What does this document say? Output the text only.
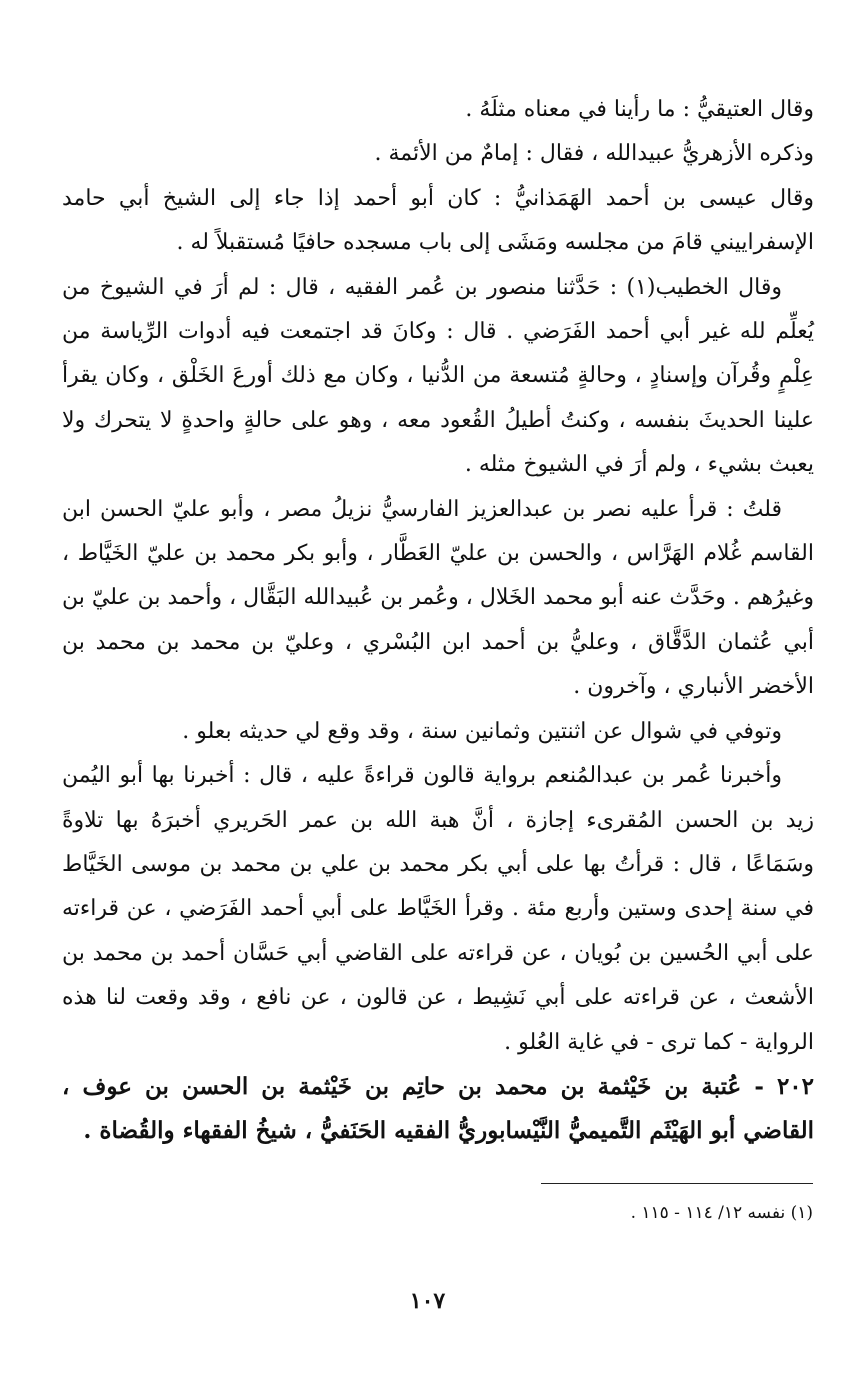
وقال العتيقيُّ : ما رأينا في معناه مثلَهُ .

وذكره الأزهريُّ عبيدالله ، فقال : إمامٌ من الأئمة .

وقال عيسى بن أحمد الهَمَذانيُّ : كان أبو أحمد إذا جاء إلى الشيخ أبي حامد الإسفراييني قامَ من مجلسه ومَشَى إلى باب مسجده حافيًا مُستقبلاً له .

وقال الخطيب(١) : حَدَّثنا منصور بن عُمر الفقيه ، قال : لم أرَ في الشيوخ من يُعلِّم لله غير أبي أحمد الفَرَضي . قال : وكانَ قد اجتمعت فيه أدوات الرِّياسة من عِلْمٍ وقُرآن وإسنادٍ ، وحالةٍ مُتسعة من الدُّنيا ، وكان مع ذلك أورعَ الخَلْق ، وكان يقرأ علينا الحديثَ بنفسه ، وكنتُ أطيلُ القُعود معه ، وهو على حالةٍ واحدةٍ لا يتحرك ولا يعبث بشيء ، ولم أرَ في الشيوخ مثله .

قلتُ : قرأ عليه نصر بن عبدالعزيز الفارسيُّ نزيلُ مصر ، وأبو عليّ الحسن ابن القاسم غُلام الهَرَّاس ، والحسن بن عليّ العَطَّار ، وأبو بكر محمد بن عليّ الخَيَّاط ، وغيرُهم . وحَدَّث عنه أبو محمد الخَلال ، وعُمر بن عُبيدالله البَقَّال ، وأحمد بن عليّ بن أبي عُثمان الدَّقَّاق ، وعليُّ بن أحمد ابن البُسْري ، وعليّ بن محمد بن محمد بن الأخضر الأنباري ، وآخرون .

وتوفي في شوال عن اثنتين وثمانين سنة ، وقد وقع لي حديثه بعلو .

وأخبرنا عُمر بن عبدالمُنعم برواية قالون قراءةً عليه ، قال : أخبرنا بها أبو اليُمن زيد بن الحسن المُقرىء إجازة ، أنَّ هبة الله بن عمر الحَريري أخبرَهُ بها تلاوةً وسَمَاعًا ، قال : قرأتُ بها على أبي بكر محمد بن علي بن محمد بن موسى الخَيَّاط في سنة إحدى وستين وأربع مئة . وقرأ الخَيَّاط على أبي أحمد الفَرَضي ، عن قراءته على أبي الحُسين بن بُويان ، عن قراءته على القاضي أبي حَسَّان أحمد بن محمد بن الأشعث ، عن قراءته على أبي نَشِيط ، عن قالون ، عن نافع ، وقد وقعت لنا هذه الرواية - كما ترى - في غاية العُلو .

٢٠٢ - عُتبة بن خَيْثمة بن محمد بن حاتِم بن خَيْثمة بن الحسن بن عوف ، القاضي أبو الهَيْثَم التَّميميُّ النَّيْسابوريُّ الفقيه الحَنَفيُّ ، شيخُ الفقهاء والقُضاة .

(١) نفسه ١٢/ ١١٤ - ١١٥ .
١٠٧
